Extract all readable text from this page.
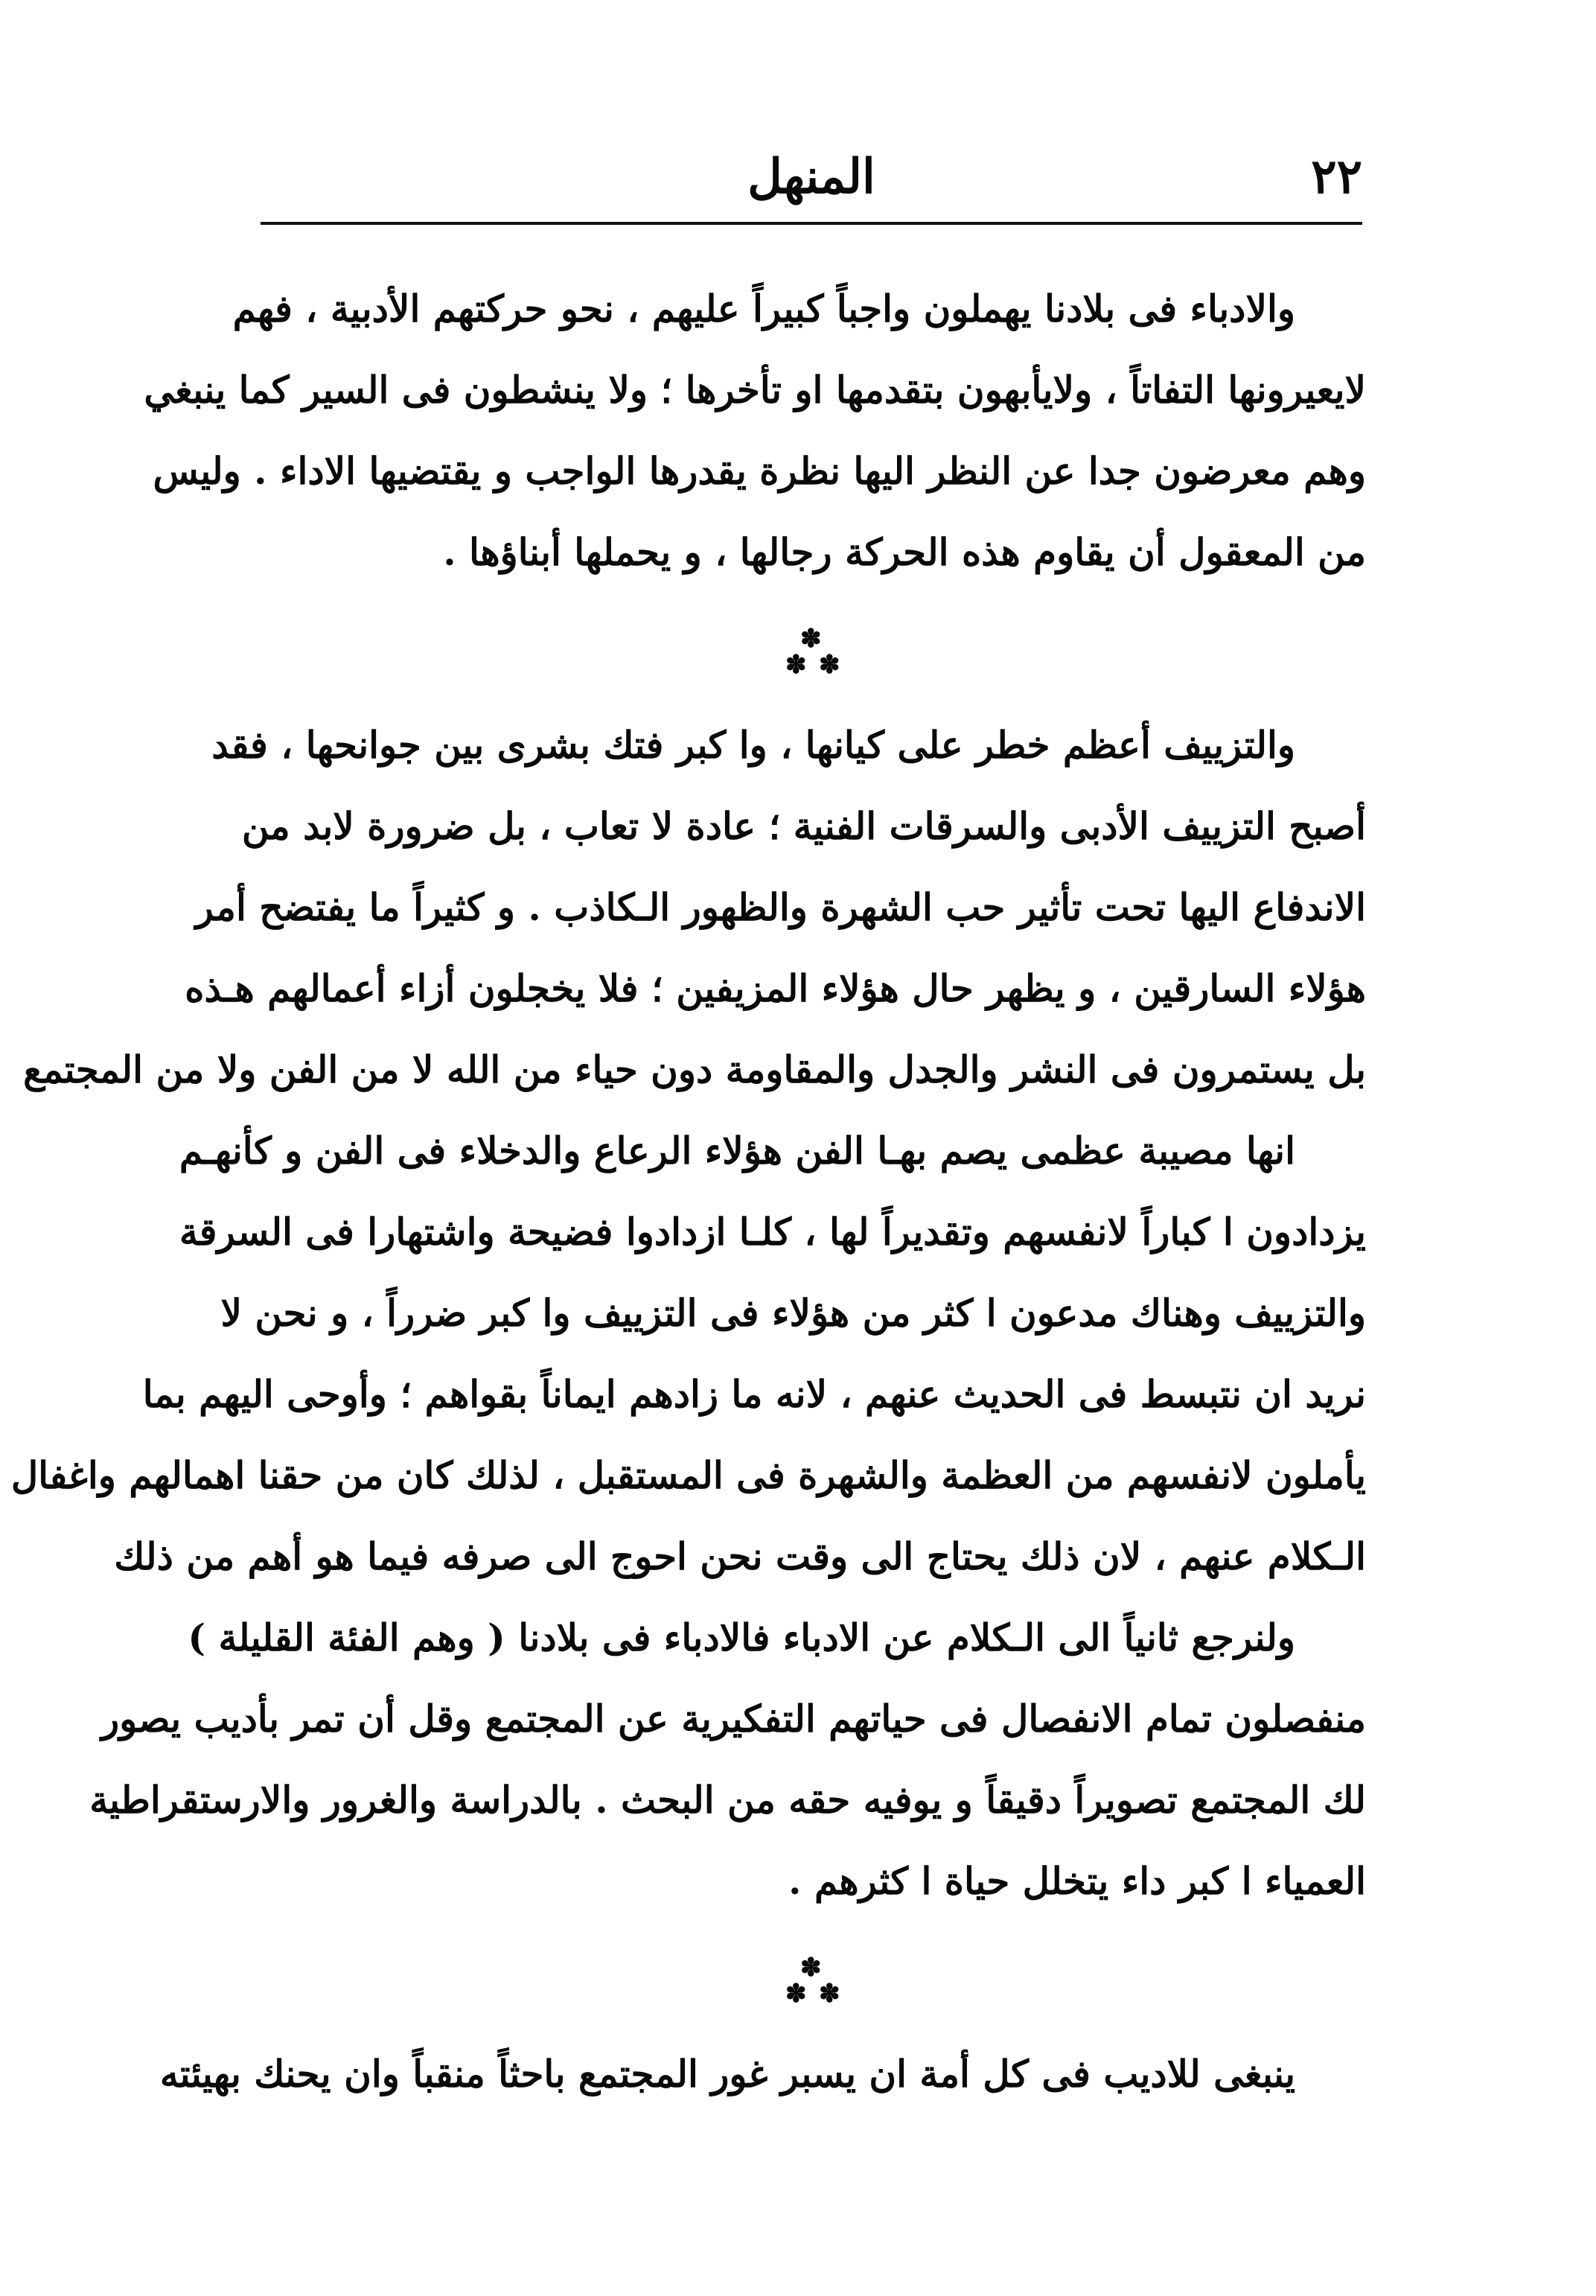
٢٢
المنهل
والادباء فى بلادنا يهملون واجباً كبيراً عليهم ، نحو حركتهم الأدبية ، فهم
لايعيرونها التفاتاً ، ولايأبهون بتقدمها او تأخرها ؛ ولا ينشطون فى السير كما ينبغي
وهم معرضون جدا عن النظر اليها نظرة يقدرها الواجب و يقتضيها الاداء . وليس
من المعقول أن يقاوم هذه الحركة رجالها ، و يحملها أبناؤها .
✽
✽ ✽
والتزييف أعظم خطر على كيانها ، وا كبر فتك بشرى بين جوانحها ، فقد
أصبح التزييف الأدبى والسرقات الفنية ؛ عادة لا تعاب ، بل ضرورة لابد من
الاندفاع اليها تحت تأثير حب الشهرة والظهور الـكاذب . و كثيراً ما يفتضح أمر
هؤلاء السارقين ، و يظهر حال هؤلاء المزيفين ؛ فلا يخجلون أزاء أعمالهم هـذه
بل يستمرون فى النشر والجدل والمقاومة دون حياء من الله لا من الفن ولا من المجتمع
انها مصيبة عظمى يصم بهـا الفن هؤلاء الرعاع والدخلاء فى الفن و كأنهـم
يزدادون ا كباراً لانفسهم وتقديراً لها ، كلـا ازدادوا فضيحة واشتهارا فى السرقة
والتزييف وهناك مدعون ا كثر من هؤلاء فى التزييف وا كبر ضرراً ، و نحن لا
نريد ان نتبسط فى الحديث عنهم ، لانه ما زادهم ايماناً بقواهم ؛ وأوحى اليهم بما
يأملون لانفسهم من العظمة والشهرة فى المستقبل ، لذلك كان من حقنا اهمالهم واغفال
الـكلام عنهم ، لان ذلك يحتاج الى وقت نحن احوج الى صرفه فيما هو أهم من ذلك
ولنرجع ثانياً الى الـكلام عن الادباء فالادباء فى بلادنا ( وهم الفئة القليلة )
منفصلون تمام الانفصال فى حياتهم التفكيرية عن المجتمع وقل أن تمر بأديب يصور
لك المجتمع تصويراً دقيقاً و يوفيه حقه من البحث . بالدراسة والغرور والارستقراطية
العمياء ا كبر داء يتخلل حياة ا كثرهم .
✽
✽ ✽
ينبغى للاديب فى كل أمة ان يسبر غور المجتمع باحثاً منقباً وان يحنك بهيئته
